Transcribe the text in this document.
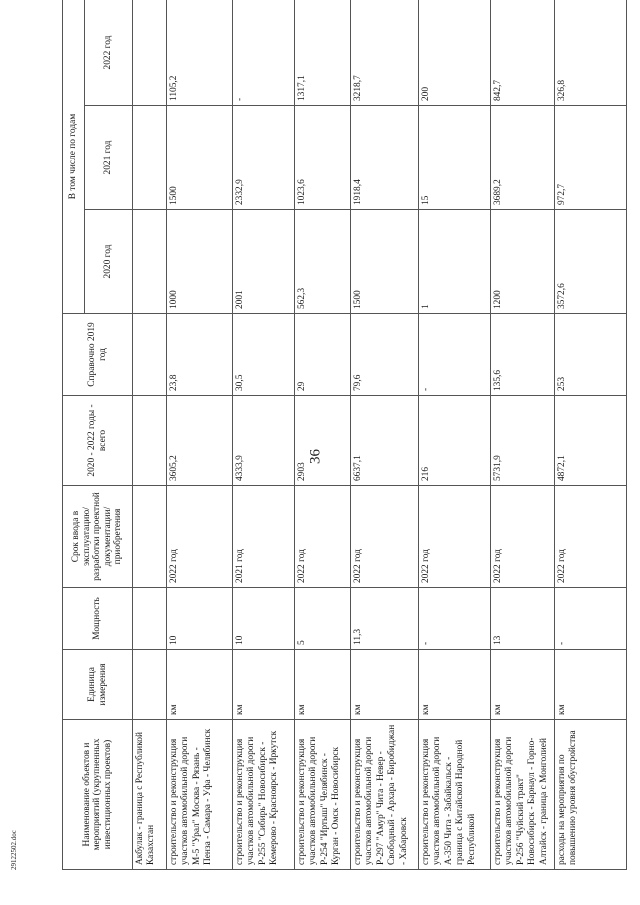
36
29122502.doc
Наименование объектов и мероприятий (укрупненных инвестиционных проектов)	Единица измерения	Мощность	Срок ввода в эксплуатацию/ разработки проектной документации/ приобретения	2020 - 2022 годы - всего	Справочно 2019 год	В том числе по годам		
						2020 год	2021 год	2022 год
Акбулак - граница с Республикой Казахстан								
строительство и реконструкция участков автомобильной дороги М-5 "Урал" Москва - Рязань - Пенза - Самара - Уфа - Челябинск	км	10	2022 год	3605,2	23,8	1000	1500	1105,2
строительство и реконструкция участков автомобильной дороги Р-255 "Сибирь" Новосибирск - Кемерово - Красноярск - Иркутск	км	10	2021 год	4333,9	30,5	2001	2332,9	-
строительство и реконструкция участков автомобильной дороги Р-254 "Иртыш" Челябинск - Курган - Омск - Новосибирск	км	5	2022 год	2903	29	562,3	1023,6	1317,1
строительство и реконструкция участков автомобильной дороги Р-297 "Амур" Чита - Невер - Свободный - Архара - Биробиджан - Хабаровск	км	11,3	2022 год	6637,1	79,6	1500	1918,4	3218,7
строительство и реконструкция участков автомобильной дороги А-350 Чита - Забайкальск - граница с Китайской Народной Республикой	км	-	2022 год	216	-	1	15	200
строительство и реконструкция участков автомобильной дороги Р-256 "Чуйский тракт" Новосибирск - Барнаул - Горно-Алтайск - граница с Монголией	км	13	2022 год	5731,9	135,6	1200	3689,2	842,7
расходы на мероприятия по повышению уровня обустройства	км	-	2022 год	4872,1	253	3572,6	972,7	326,8
